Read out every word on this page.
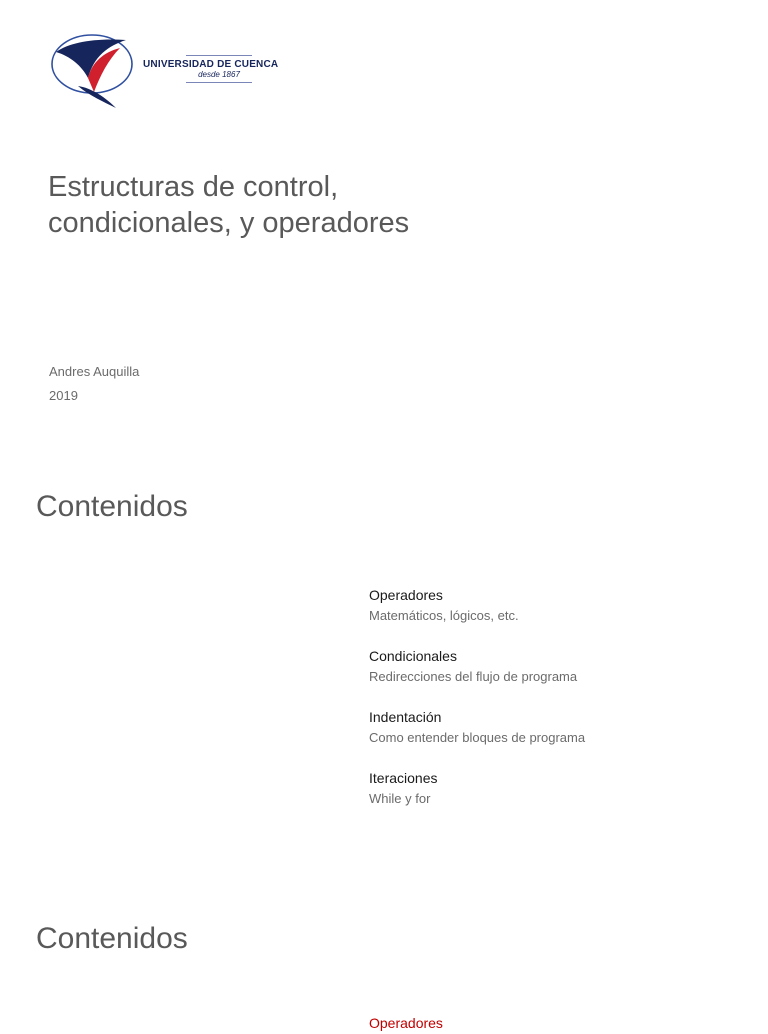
UNIVERSIDAD DE CUENCA
desde 1867
Estructuras de control,
condicionales, y operadores
Andres Auquilla
2019
Contenidos
Operadores
Matemáticos, lógicos, etc.
Condicionales
Redirecciones del flujo de programa
Indentación
Como entender bloques de programa
Iteraciones
While y for
Contenidos
Operadores
